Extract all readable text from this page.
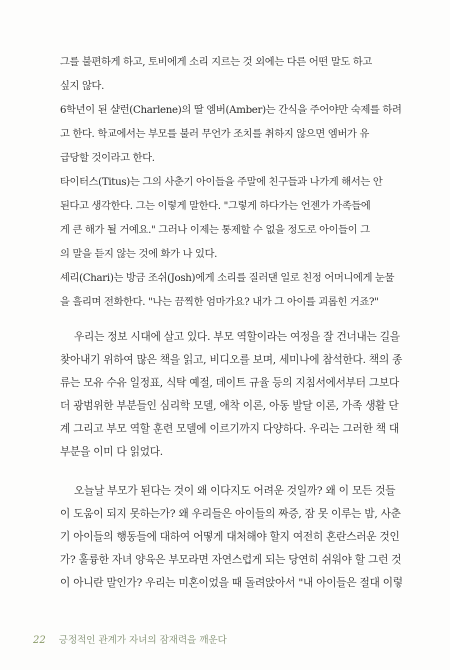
그를 불편하게 하고, 토비에게 소리 지르는 것 외에는 다른 어떤 말도 하고
싶지 않다.
6학년이 된 샬런(Charlene)의 딸 엠버(Amber)는 간식을 주어야만 숙제를 하려
고 한다. 학교에서는 부모를 불러 무언가 조치를 취하지 않으면 엠버가 유
급당할 것이라고 한다.
타이터스(Titus)는 그의 사춘기 아이들을 주말에 친구들과 나가게 해서는 안
된다고 생각한다. 그는 이렇게 말한다. "그렇게 하다가는 언젠가 가족들에
게 큰 해가 될 거예요." 그러나 이제는 통제할 수 없을 정도로 아이들이 그
의 말을 듣지 않는 것에 화가 나 있다.
셰리(Chari)는 방금 조쉬(Josh)에게 소리를 질러댄 일로 친정 어머니에게 눈물
을 흘리며 전화한다. "나는 끔찍한 엄마가요? 내가 그 아이를 괴롭힌 거죠?"
우리는 정보 시대에 살고 있다. 부모 역할이라는 여정을 잘 건너내는 길을
찾아내기 위하여 많은 책을 읽고, 비디오를 보며, 세미나에 참석한다. 책의 종
류는 모유 수유 일정표, 식탁 예절, 데이트 규율 등의 지침서에서부터 그보다
더 광범위한 부분들인 심리학 모델, 애착 이론, 아동 발달 이론, 가족 생활 단
계 그리고 부모 역할 훈련 모델에 이르기까지 다양하다. 우리는 그러한 책 대
부분을 이미 다 읽었다.
오늘날 부모가 된다는 것이 왜 이다지도 어려운 것일까? 왜 이 모든 것들
이 도움이 되지 못하는가? 왜 우리들은 아이들의 짜증, 잠 못 이루는 밤, 사춘
기 아이들의 행동들에 대하여 어떻게 대처해야 할지 여전히 혼란스러운 것인
가? 훌륭한 자녀 양육은 부모라면 자연스럽게 되는 당연히 쉬워야 할 그런 것
이 아니란 말인가? 우리는 미혼이었을 때 돌려앉아서 "내 아이들은 절대 이렇
22 긍정적인 관계가 자녀의 잠재력을 깨운다
